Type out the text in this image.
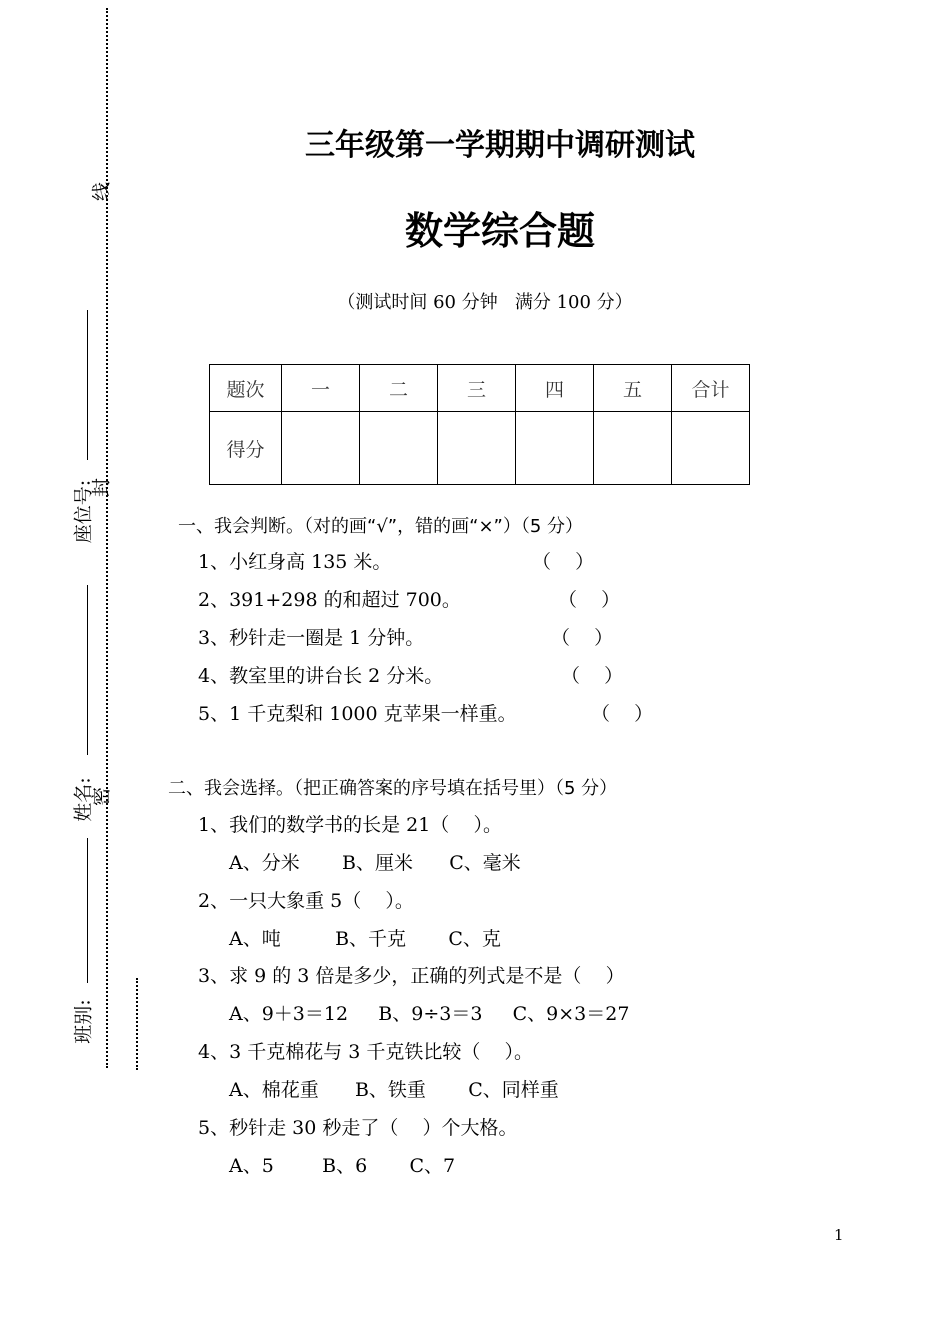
线
封
密
座位号:
姓名:
班别:
三年级第一学期期中调研测试
数学综合题
（测试时间 60 分钟   满分 100 分）
题次	一	二	三	四	五	合计
得分						
一、我会判断。（对的画“√”，错的画“×”）（5 分）
1、小红身高 135 米。	（    ）
2、391+298 的和超过 700。	（    ）
3、秒针走一圈是 1 分钟。	（    ）
4、教室里的讲台长 2 分米。	（    ）
5、1 千克梨和 1000 克苹果一样重。	（    ）
二、我会选择。（把正确答案的序号填在括号里）（5 分）
1、我们的数学书的长是 21（    ）。
A、分米       B、厘米      C、毫米
2、一只大象重 5（    ）。
A、吨         B、千克       C、克
3、求 9 的 3 倍是多少，正确的列式是不是（    ）
A、9＋3＝12     B、9÷3＝3     C、9×3＝27
4、3 千克棉花与 3 千克铁比较（    ）。
A、棉花重      B、铁重       C、同样重
5、秒针走 30 秒走了（    ）个大格。
A、5        B、6       C、7
1
